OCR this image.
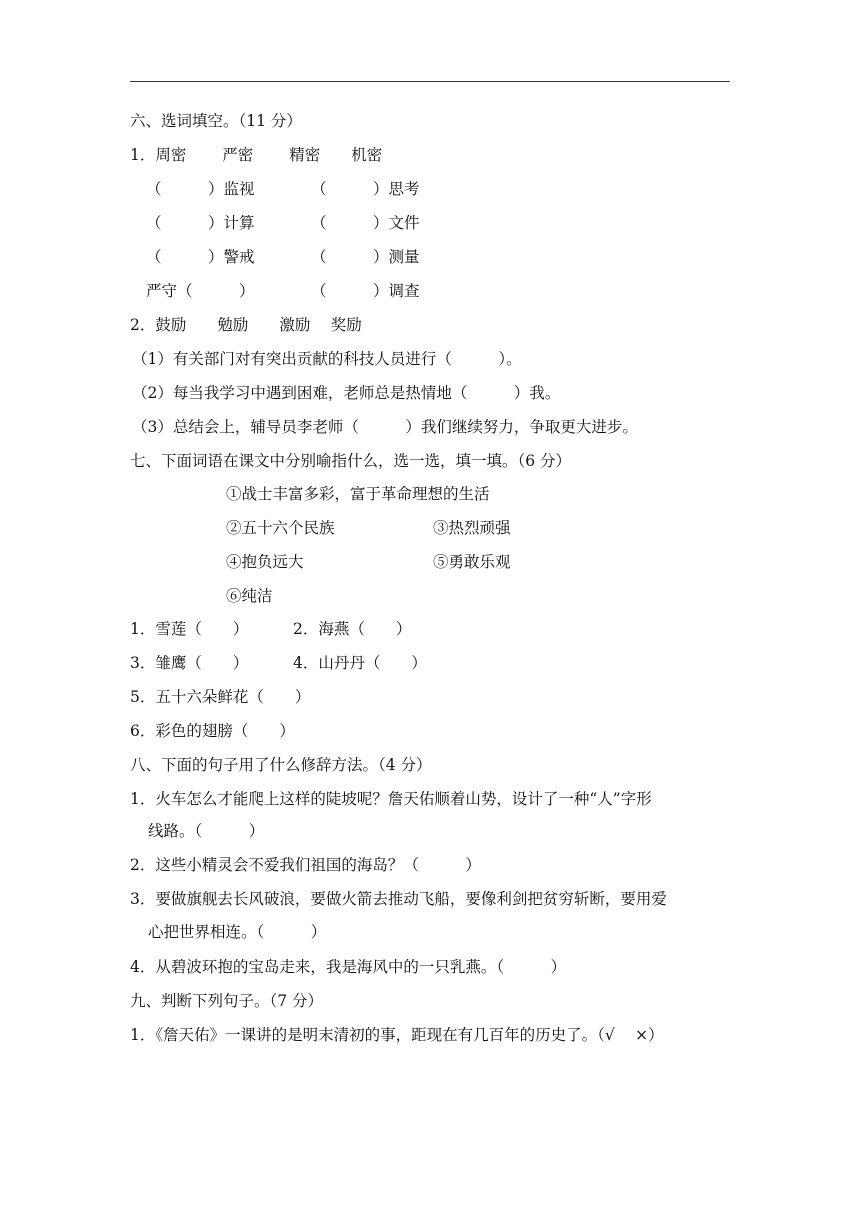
六、选词填空。（11 分）
1．周密　　 严密　　 精密　　机密
（　　　）监视	（　　　）思考
（　　　）计算	（　　　）文件
（　　　）警戒	（　　　）测量
严守（　　　）	（　　　）调查
2．鼓励　　勉励　　激励　 奖励
（1）有关部门对有突出贡献的科技人员进行（　　　）。
（2）每当我学习中遇到困难，老师总是热情地（　　　）我。
（3）总结会上，辅导员李老师（　　　）我们继续努力，争取更大进步。
七、下面词语在课文中分别喻指什么，选一选，填一填。（6 分）
①战士丰富多彩，富于革命理想的生活
②五十六个民族	③热烈顽强
④抱负远大	⑤勇敢乐观
⑥纯洁
1．雪莲（　　）	2．海燕（　　）
3．雏鹰（　　）	4．山丹丹（　　）
5．五十六朵鲜花（　　）
6．彩色的翅膀（　　）
八、下面的句子用了什么修辞方法。（4 分）
1．火车怎么才能爬上这样的陡坡呢？詹天佑顺着山势，设计了一种“人”字形
线路。（　　　）
2．这些小精灵会不爱我们祖国的海岛？（　　　）
3．要做旗舰去长风破浪，要做火箭去推动飞船，要像利剑把贫穷斩断，要用爱
心把世界相连。（　　　）
4．从碧波环抱的宝岛走来，我是海风中的一只乳燕。（　　　）
九、判断下列句子。（7 分）
1．《詹天佑》一课讲的是明末清初的事，距现在有几百年的历史了。（√　 ×）
